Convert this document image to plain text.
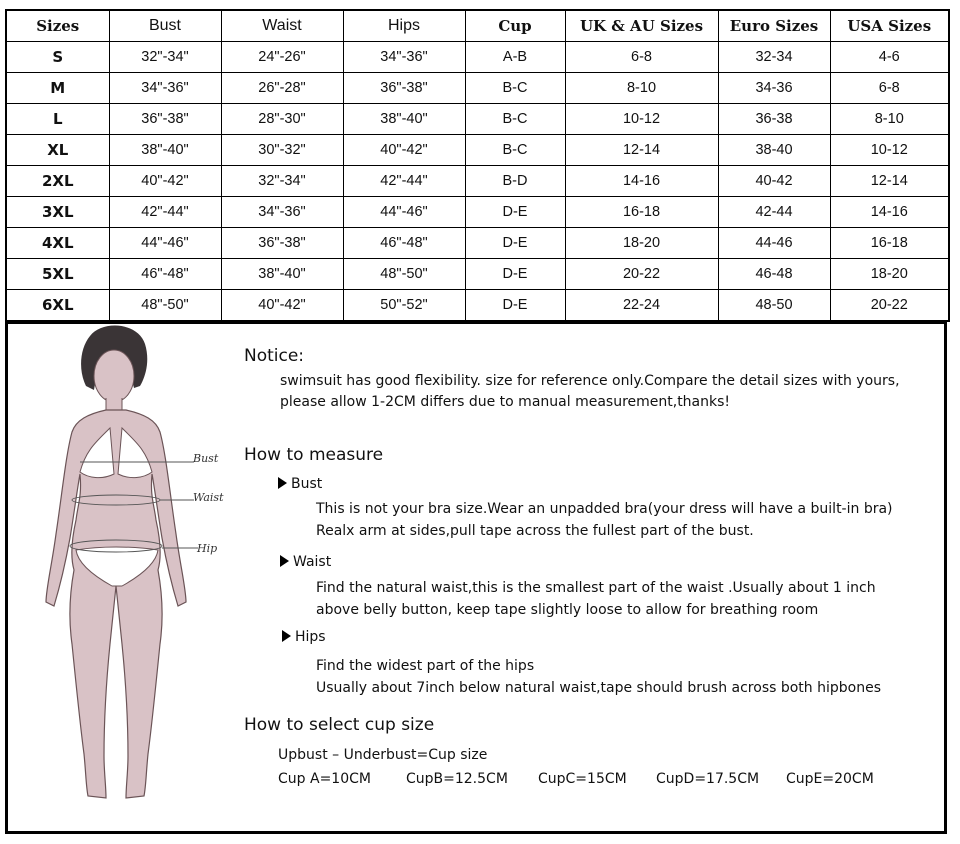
Sizes	Bust	Waist	Hips	Cup	UK & AU Sizes	Euro Sizes	USA Sizes
S	32"-34"	24"-26"	34"-36"	A-B	6-8	32-34	4-6
M	34"-36"	26"-28"	36"-38"	B-C	8-10	34-36	6-8
L	36"-38"	28"-30"	38"-40"	B-C	10-12	36-38	8-10
XL	38"-40"	30"-32"	40"-42"	B-C	12-14	38-40	10-12
2XL	40"-42"	32"-34"	42"-44"	B-D	14-16	40-42	12-14
3XL	42"-44"	34"-36"	44"-46"	D-E	16-18	42-44	14-16
4XL	44"-46"	36"-38"	46"-48"	D-E	18-20	44-46	16-18
5XL	46"-48"	38"-40"	48"-50"	D-E	20-22	46-48	18-20
6XL	48"-50"	40"-42"	50"-52"	D-E	22-24	48-50	20-22
Bust
Waist
Hip
Notice:
swimsuit has good flexibility. size for reference only.Compare the detail sizes with yours,
please allow 1-2CM differs due to manual measurement,thanks!
How to measure
Bust
This is not your bra size.Wear an unpadded bra(your dress will have a built-in bra)
Realx arm at sides,pull tape across the fullest part of the bust.
Waist
Find the natural waist,this is the smallest part of the waist .Usually about 1 inch
above belly button, keep tape slightly loose to allow for breathing room
Hips
Find the widest part of the hips
Usually about 7inch below natural waist,tape should brush across both hipbones
How to select cup size
Upbust – Underbust=Cup size
Cup A=10CM	CupB=12.5CM CupC=15CM CupD=17.5CM CupE=20CM
